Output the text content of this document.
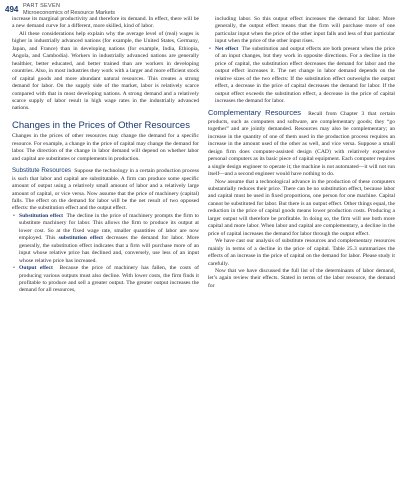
494 PART SEVEN
Microeconomics of Resource Markets

increase its marginal productivity and therefore its demand. In effect, there will be a new demand curve for a different, more skilled, kind of labor.

All these considerations help explain why the average level of (real) wages is higher in industrially advanced nations (for example, the United States, Germany, Japan, and France) than in developing nations (for example, India, Ethiopia, Angola, and Cambodia). Workers in industrially advanced nations are generally healthier, better educated, and better trained than are workers in developing countries. Also, in most industries they work with a larger and more efficient stock of capital goods and more abundant natural resources. This creates a strong demand for labor. On the supply side of the market, labor is relatively scarce compared with that in most developing nations. A strong demand and a relatively scarce supply of labor result in high wage rates in the industrially advanced nations.

Changes in the Prices of Other Resources

Changes in the prices of other resources may change the demand for a specific resource. For example, a change in the price of capital may change the demand for labor. The direction of the change in labor demand will depend on whether labor and capital are substitutes or complements in production.

Substitute Resources Suppose the technology in a certain production process is such that labor and capital are substitutable. A firm can produce some specific amount of output using a relatively small amount of labor and a relatively large amount of capital, or vice versa. Now assume that the price of machinery (capital) falls. The effect on the demand for labor will be the net result of two opposed effects: the substitution effect and the output effect.

• Substitution effect The decline in the price of machinery prompts the firm to substitute machinery for labor. This allows the firm to produce its output at lower cost. So at the fixed wage rate, smaller quantities of labor are now employed. This substitution effect decreases the demand for labor. More generally, the substitution effect indicates that a firm will purchase more of an input whose relative price has declined and, conversely, use less of an input whose relative price has increased.
• Output effect Because the price of machinery has fallen, the costs of producing various outputs must also decline. With lower costs, the firm finds it profitable to produce and sell a greater output. The greater output increases the demand for all resources,

including labor. So this output effect increases the demand for labor. More generally, the output effect means that the firm will purchase more of one particular input when the price of the other input falls and less of that particular input when the price of the other input rises.

• Net effect The substitution and output effects are both present when the price of an input changes, but they work in opposite directions. For a decline in the price of capital, the substitution effect decreases the demand for labor and the output effect increases it. The net change in labor demand depends on the relative sizes of the two effects: If the substitution effect outweighs the output effect, a decrease in the price of capital decreases the demand for labor. If the output effect exceeds the substitution effect, a decrease in the price of capital increases the demand for labor.

Complementary Resources Recall from Chapter 3 that certain products, such as computers and software, are complementary goods; they “go together” and are jointly demanded. Resources may also be complementary; an increase in the quantity of one of them used in the production process requires an increase in the amount used of the other as well, and vice versa. Suppose a small design firm does computer-assisted design (CAD) with relatively expensive personal computers as its basic piece of capital equipment. Each computer requires a single design engineer to operate it; the machine is not automated—it will not run itself—and a second engineer would have nothing to do.

Now assume that a technological advance in the production of these computers substantially reduces their price. There can be no substitution effect, because labor and capital must be used in fixed proportions, one person for one machine. Capital cannot be substituted for labor. But there is an output effect. Other things equal, the reduction in the price of capital goods means lower production costs. Producing a larger output will therefore be profitable. In doing so, the firm will use both more capital and more labor. When labor and capital are complementary, a decline in the price of capital increases the demand for labor through the output effect.

We have cast our analysis of substitute resources and complementary resources mainly in terms of a decline in the price of capital. Table 25.3 summarizes the effects of an increase in the price of capital on the demand for labor. Please study it carefully.

Now that we have discussed the full list of the determinants of labor demand, let’s again review their effects. Stated in terms of the labor resource, the demand for
